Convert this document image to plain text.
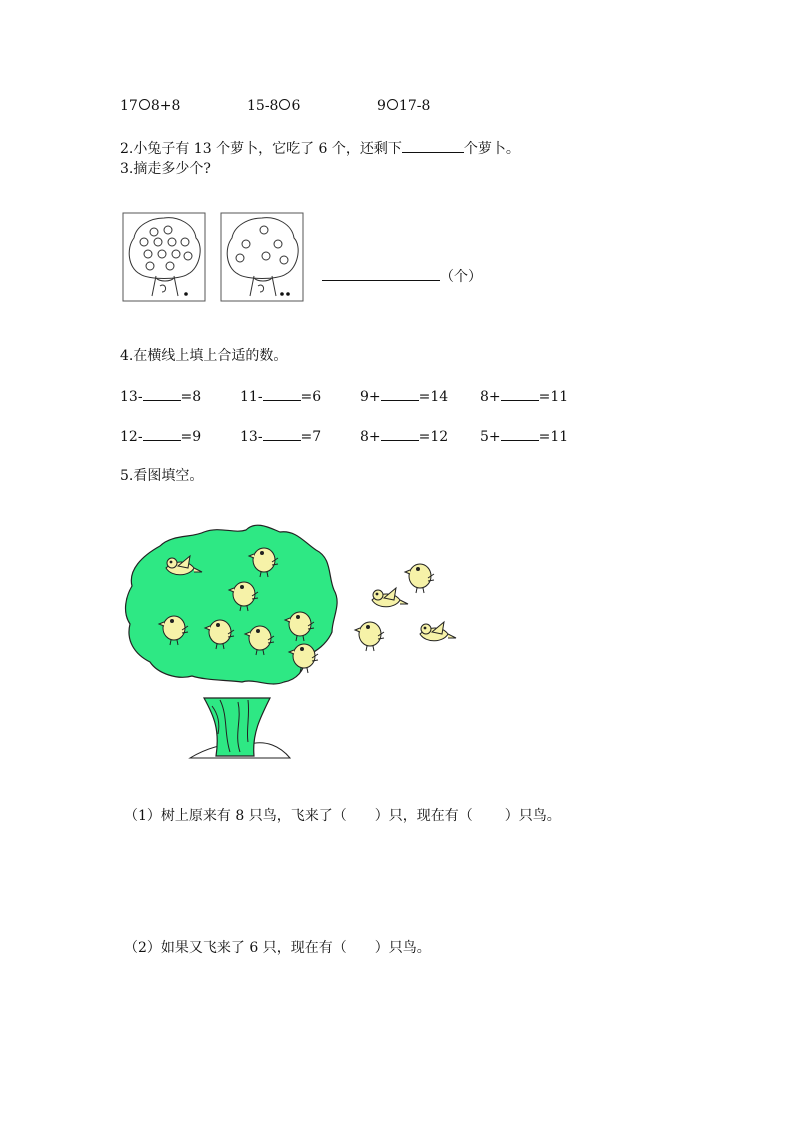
17 8+8	15-8 6	9 17-8
2.小兔子有 13 个萝卜，它吃了 6 个，还剩下	个萝卜。
3.摘走多少个?
（个）
4.在横线上填上合适的数。
13-	=8	11-	=6	9+	=14 8+	=11
12-	=9	13-	=7	8+	=12 5+	=11
5.看图填空。
（1）树上原来有 8 只鸟，飞来了（ ）只，现在有（ ）只鸟。
（2）如果又飞来了 6 只，现在有（ ）只鸟。
